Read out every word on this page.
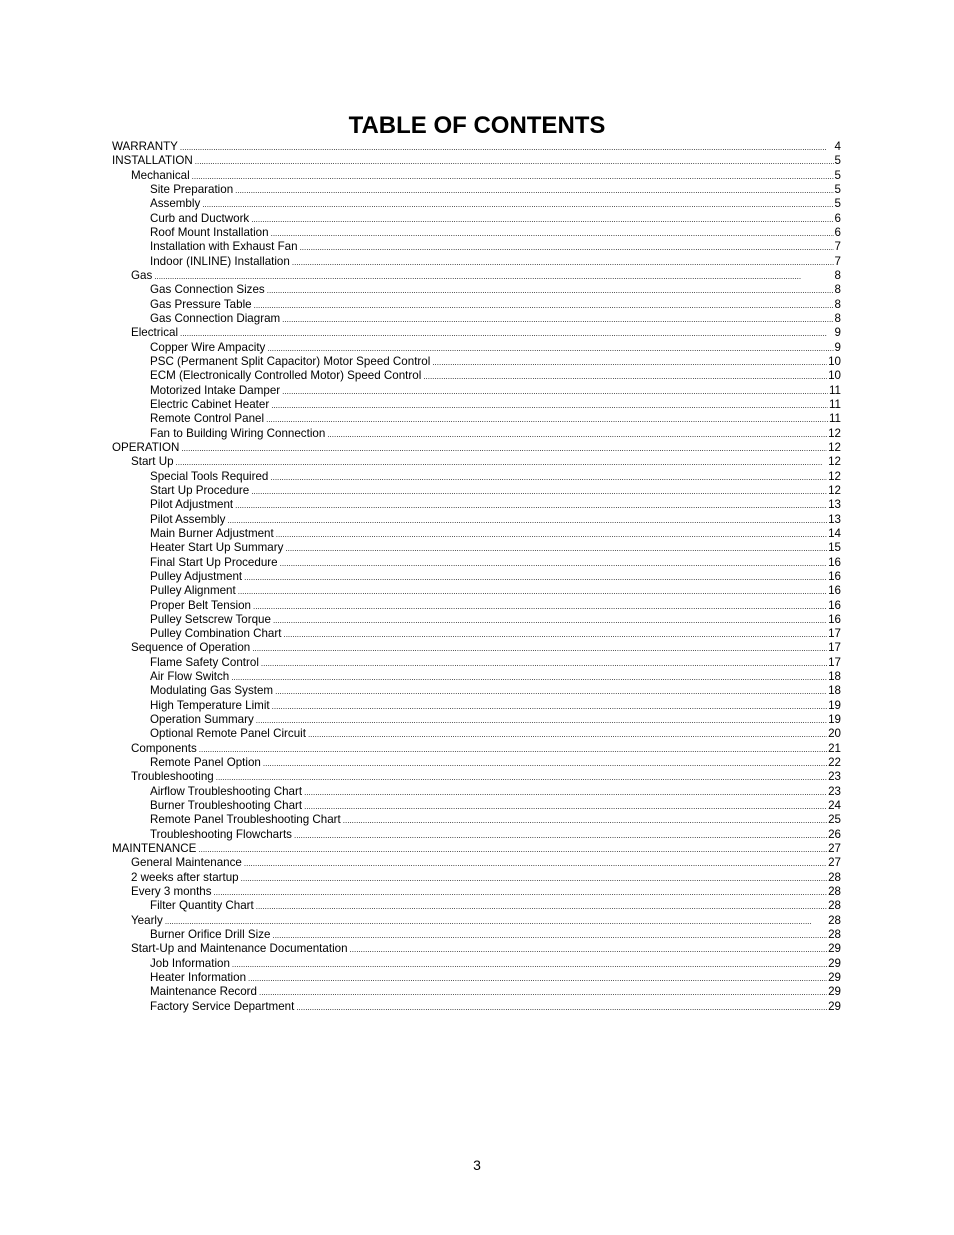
TABLE OF CONTENTS
WARRANTY .....	4
INSTALLATION .....	5
Mechanical .....	5
Site Preparation .....	5
Assembly .....	5
Curb and Ductwork .....	6
Roof Mount Installation .....	6
Installation with Exhaust Fan .....	7
Indoor (INLINE) Installation .....	7
Gas .....	8
Gas Connection Sizes .....	8
Gas Pressure Table .....	8
Gas Connection Diagram .....	8
Electrical .....	9
Copper Wire Ampacity .....	9
PSC (Permanent Split Capacitor) Motor Speed Control .....	10
ECM (Electronically Controlled Motor) Speed Control .....	10
Motorized Intake Damper .....	11
Electric Cabinet Heater .....	11
Remote Control Panel .....	11
Fan to Building Wiring Connection .....	12
OPERATION .....	12
Start Up .....	12
Special Tools Required .....	12
Start Up Procedure .....	12
Pilot Adjustment .....	13
Pilot Assembly .....	13
Main Burner Adjustment .....	14
Heater Start Up Summary .....	15
Final Start Up Procedure .....	16
Pulley Adjustment .....	16
Pulley Alignment .....	16
Proper Belt Tension .....	16
Pulley Setscrew Torque .....	16
Pulley Combination Chart .....	17
Sequence of Operation .....	17
Flame Safety Control .....	17
Air Flow Switch .....	18
Modulating Gas System .....	18
High Temperature Limit .....	19
Operation Summary .....	19
Optional Remote Panel Circuit .....	20
Components .....	21
Remote Panel Option .....	22
Troubleshooting .....	23
Airflow Troubleshooting Chart .....	23
Burner Troubleshooting Chart .....	24
Remote Panel Troubleshooting Chart .....	25
Troubleshooting Flowcharts .....	26
MAINTENANCE .....	27
General Maintenance .....	27
2 weeks after startup .....	28
Every 3 months .....	28
Filter Quantity Chart .....	28
Yearly .....	28
Burner Orifice Drill Size .....	28
Start-Up and Maintenance Documentation .....	29
Job Information .....	29
Heater Information .....	29
Maintenance Record .....	29
Factory Service Department .....	29
3
